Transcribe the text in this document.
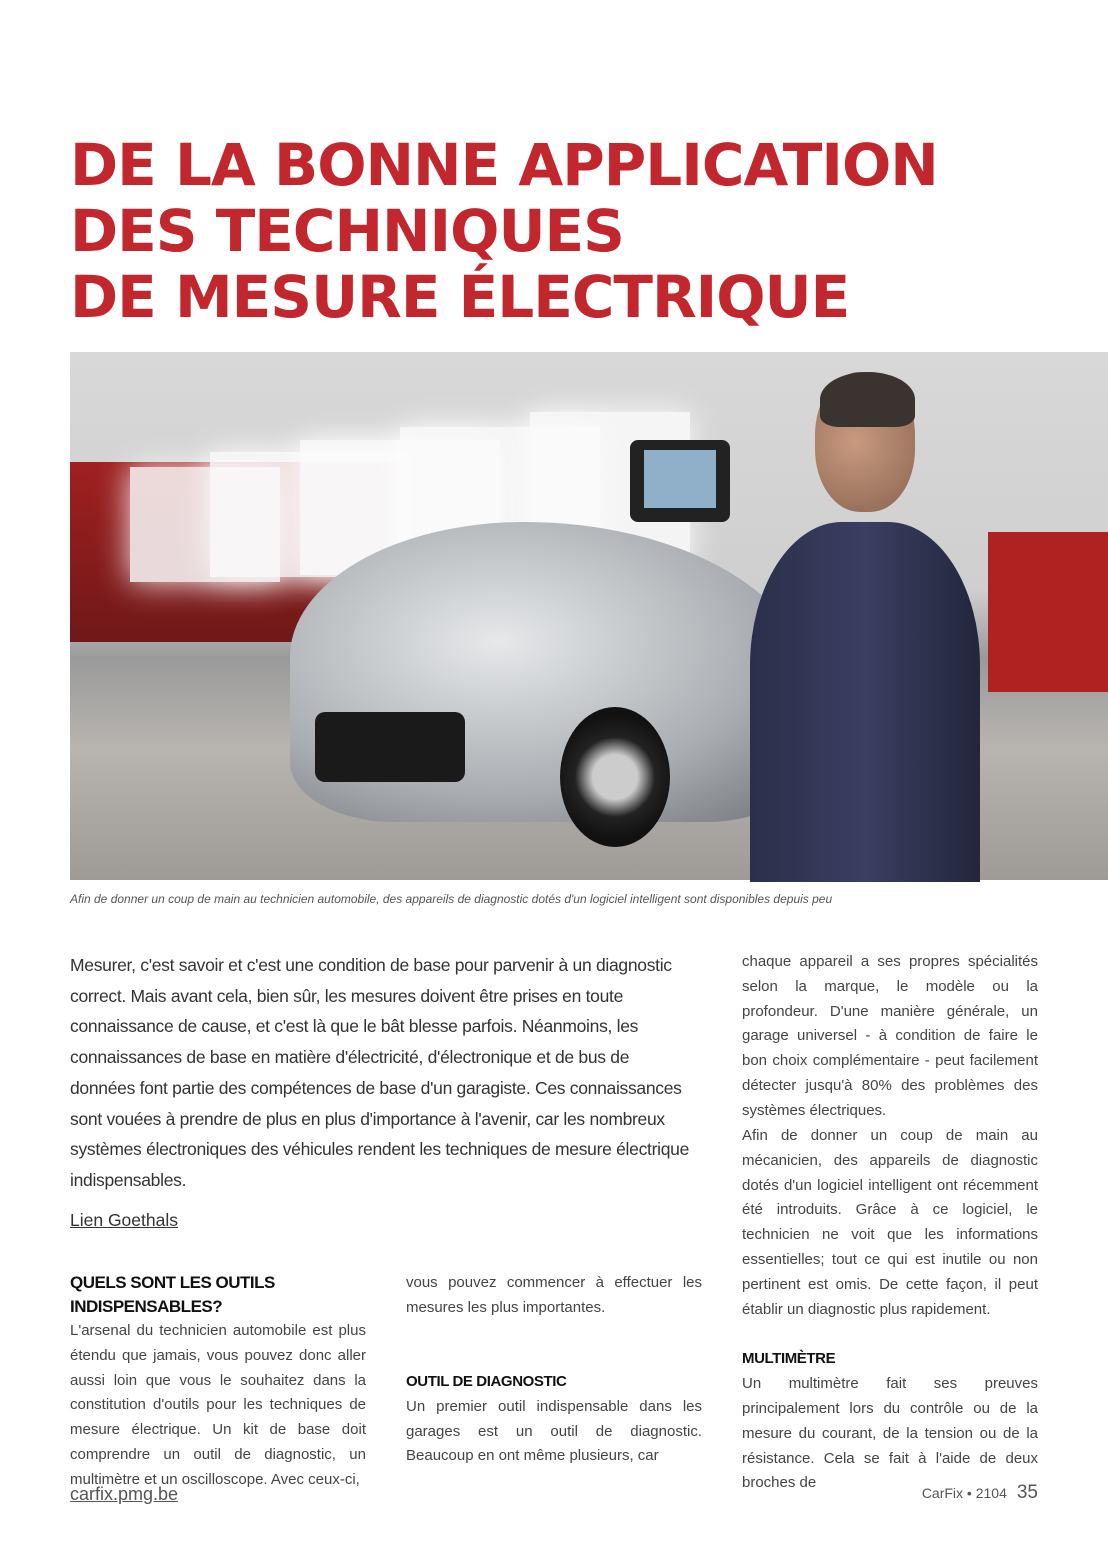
DE LA BONNE APPLICATION
DES TECHNIQUES
DE MESURE ÉLECTRIQUE
Afin de donner un coup de main au technicien automobile, des appareils de diagnostic dotés d'un logiciel intelligent sont disponibles depuis peu

Mesurer, c'est savoir et c'est une condition de base pour parvenir à un diagnostic correct. Mais avant cela, bien sûr, les mesures doivent être prises en toute connaissance de cause, et c'est là que le bât blesse parfois. Néanmoins, les connaissances de base en matière d'électricité, d'électronique et de bus de données font partie des compétences de base d'un garagiste. Ces connaissances sont vouées à prendre de plus en plus d'importance à l'avenir, car les nombreux systèmes électroniques des véhicules rendent les techniques de mesure électrique indispensables.

Lien Goethals
QUELS SONT LES OUTILS INDISPENSABLES?

L'arsenal du technicien automobile est plus étendu que jamais, vous pouvez donc aller aussi loin que vous le souhaitez dans la constitution d'outils pour les techniques de mesure électrique. Un kit de base doit comprendre un outil de diagnostic, un multimètre et un oscilloscope. Avec ceux-ci,

vous pouvez commencer à effectuer les mesures les plus importantes.

OUTIL DE DIAGNOSTIC

Un premier outil indispensable dans les garages est un outil de diagnostic. Beaucoup en ont même plusieurs, car

chaque appareil a ses propres spécialités selon la marque, le modèle ou la profondeur. D'une manière générale, un garage universel - à condition de faire le bon choix complémentaire - peut facilement détecter jusqu'à 80% des problèmes des systèmes électriques.

Afin de donner un coup de main au mécanicien, des appareils de diagnostic dotés d'un logiciel intelligent ont récemment été introduits. Grâce à ce logiciel, le technicien ne voit que les informations essentielles; tout ce qui est inutile ou non pertinent est omis. De cette façon, il peut établir un diagnostic plus rapidement.

MULTIMÈTRE

Un multimètre fait ses preuves principalement lors du contrôle ou de la mesure du courant, de la tension ou de la résistance. Cela se fait à l'aide de deux broches de

carfix.pmg.be	CarFix • 2104 35
